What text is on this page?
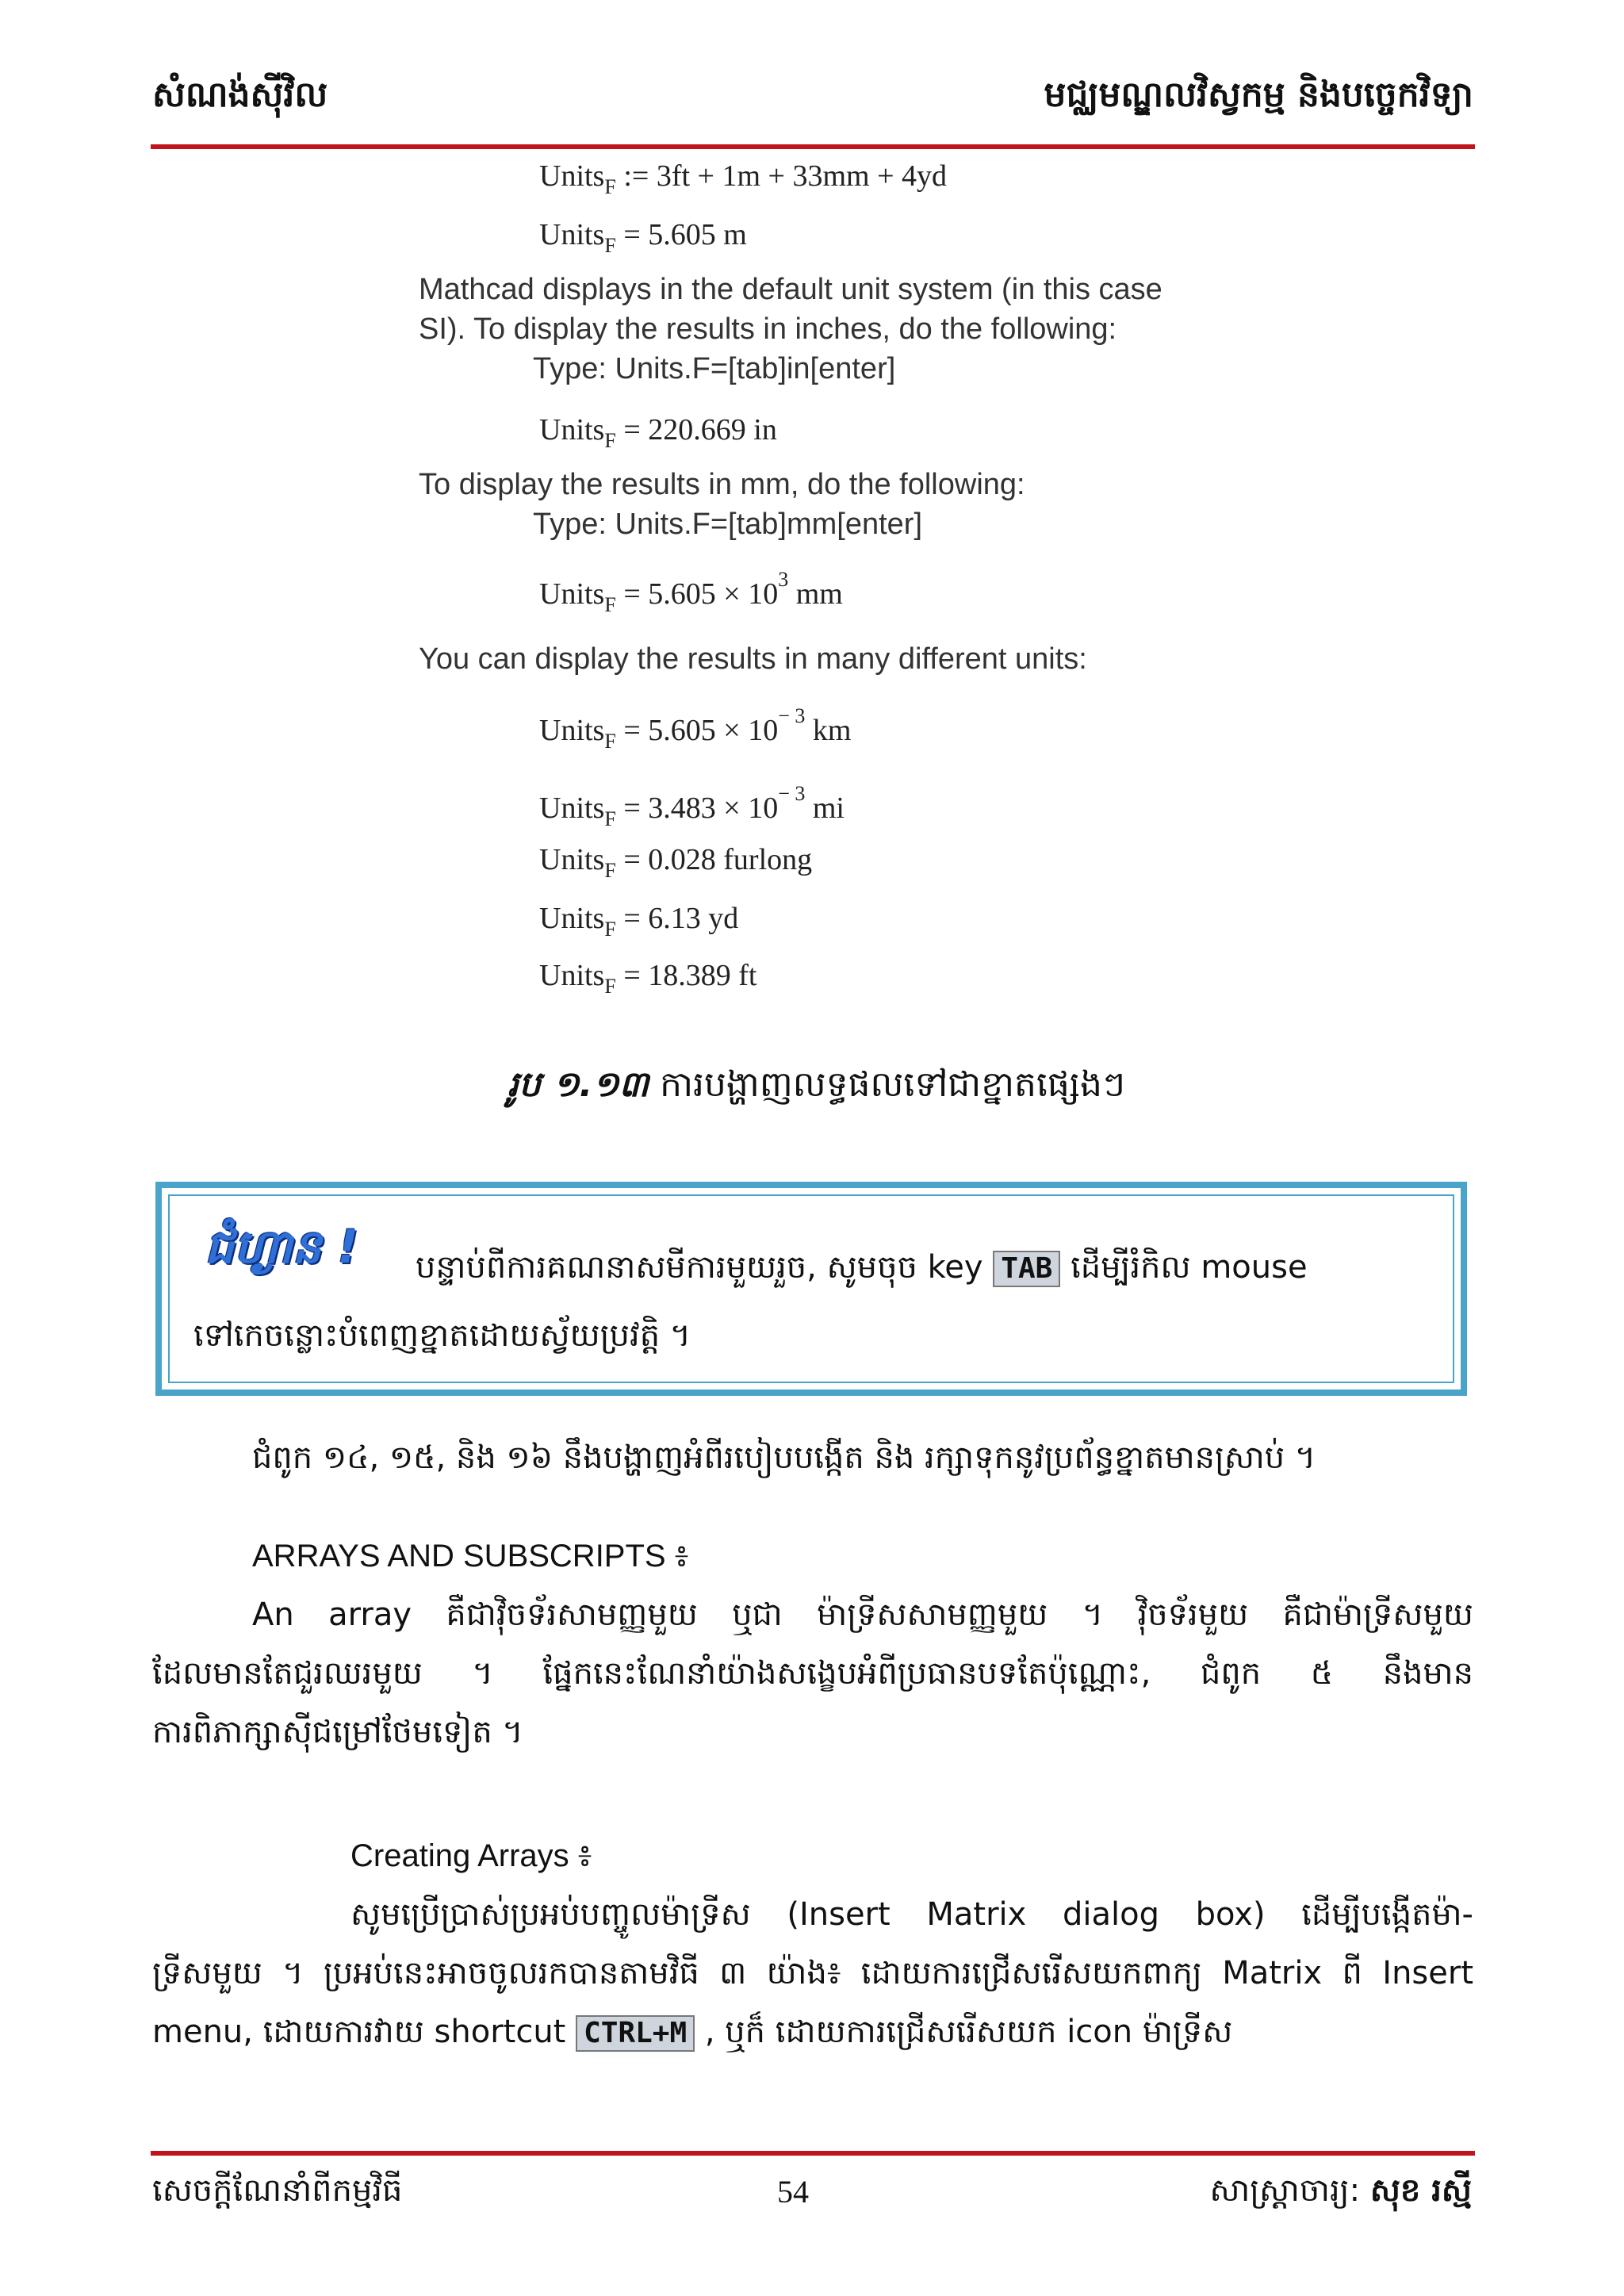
សំណង់ស៊ីវិល	មជ្ឈមណ្ឌលវិស្វកម្ម និងបច្ចេកវិទ្យា
Units$_F$ := 3ft + 1m + 33mm + 4yd
Units$_F$ = 5.605 m
Mathcad displays in the default unit system (in this case
SI). To display the results in inches, do the following:
Type: Units.F=[tab]in[enter]
Units$_F$ = 220.669 in
To display the results in mm, do the following:
Type: Units.F=[tab]mm[enter]
Units$_F$ = $5.605 \times 10^3$ mm
You can display the results in many different units:
Units$_F$ = $5.605 \times 10^{- 3}$ km
Units$_F$ = $3.483 \times 10^{- 3}$ mi
Units$_F$ = 0.028 furlong
Units$_F$ = 6.13 yd
Units$_F$ = 18.389 ft
រូប ១.១៣ ការបង្ហាញលទ្ធផលទៅជាខ្នាតផ្សេងៗ
ជំហ្ងាន ! បន្ទាប់ពីការគណនាសមីការមួយរួច, សូមចុច key TAB ដើម្បីរំកិល mouse
ទៅកេចន្លោះបំពេញខ្នាតដោយស្វ័យប្រវត្តិ ។
ជំពូក ១៤, ១៥, និង ១៦ នឹងបង្ហាញអំពីរបៀបបង្កើត និង រក្សាទុកនូវប្រព័ន្ធខ្នាតមានស្រាប់ ។
ARRAYS AND SUBSCRIPTS ៖
An array គឺជាវ៉ិចទ័រសាមញ្ញមួយ ឬជា ម៉ាទ្រីសសាមញ្ញមួយ ។ វ៉ិចទ័រមួយ គឺជាម៉ាទ្រីសមួយ
ដែលមានតែជួរឈរមួយ ។ ផ្នែកនេះណែនាំយ៉ាងសង្ខេបអំពីប្រធានបទតែប៉ុណ្ណោះ, ជំពូក ៥ នឹងមាន
ការពិភាក្សាស៊ីជម្រៅថែមទៀត ។
Creating Arrays ៖
សូមប្រើប្រាស់ប្រអប់បញ្ចូលម៉ាទ្រីស (Insert Matrix dialog box) ដើម្បីបង្កើតម៉ា-
ទ្រីសមួយ ។ ប្រអប់នេះអាចចូលរកបានតាមវិធី ៣ យ៉ាង៖ ដោយការជ្រើសរើសយកពាក្យ Matrix ពី Insert
menu, ដោយការវាយ shortcut CTRL+M , ឬក៏ ដោយការជ្រើសរើសយក icon ម៉ាទ្រីស
សេចក្តីណែនាំពីកម្មវិធី	54	សាស្ត្រាចារ្យ: សុខ រស្មី
